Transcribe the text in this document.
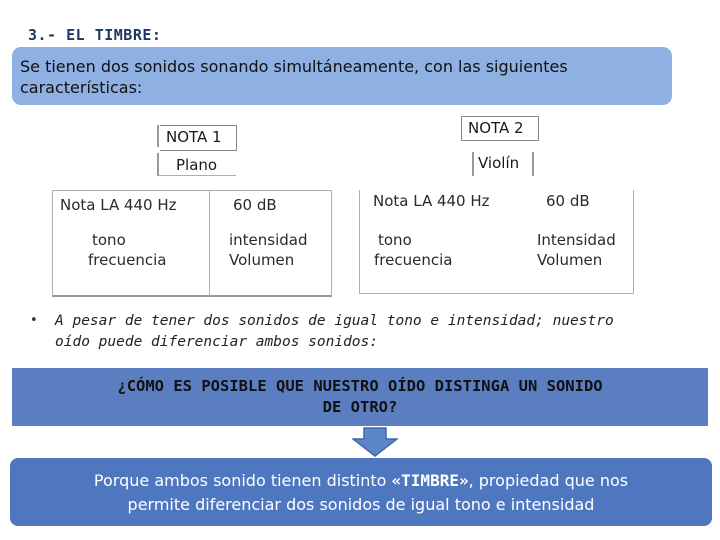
3.- EL TIMBRE:
Se tienen dos sonidos sonando simultáneamente, con las siguientes
características:
NOTA 1
Plano
Nota LA 440 Hz
tono
frecuencia
60 dB
intensidad
Volumen
NOTA 2
Violín
Nota LA 440 Hz
tono
frecuencia
60 dB
Intensidad
Volumen
• A pesar de tener dos sonidos de igual tono e intensidad; nuestro
oído puede diferenciar ambos sonidos:
¿CÓMO ES POSIBLE QUE NUESTRO OÍDO DISTINGA UN SONIDO
DE OTRO?
Porque ambos sonido tienen distinto «TIMBRE», propiedad que nos
permite diferenciar dos sonidos de igual tono e intensidad
